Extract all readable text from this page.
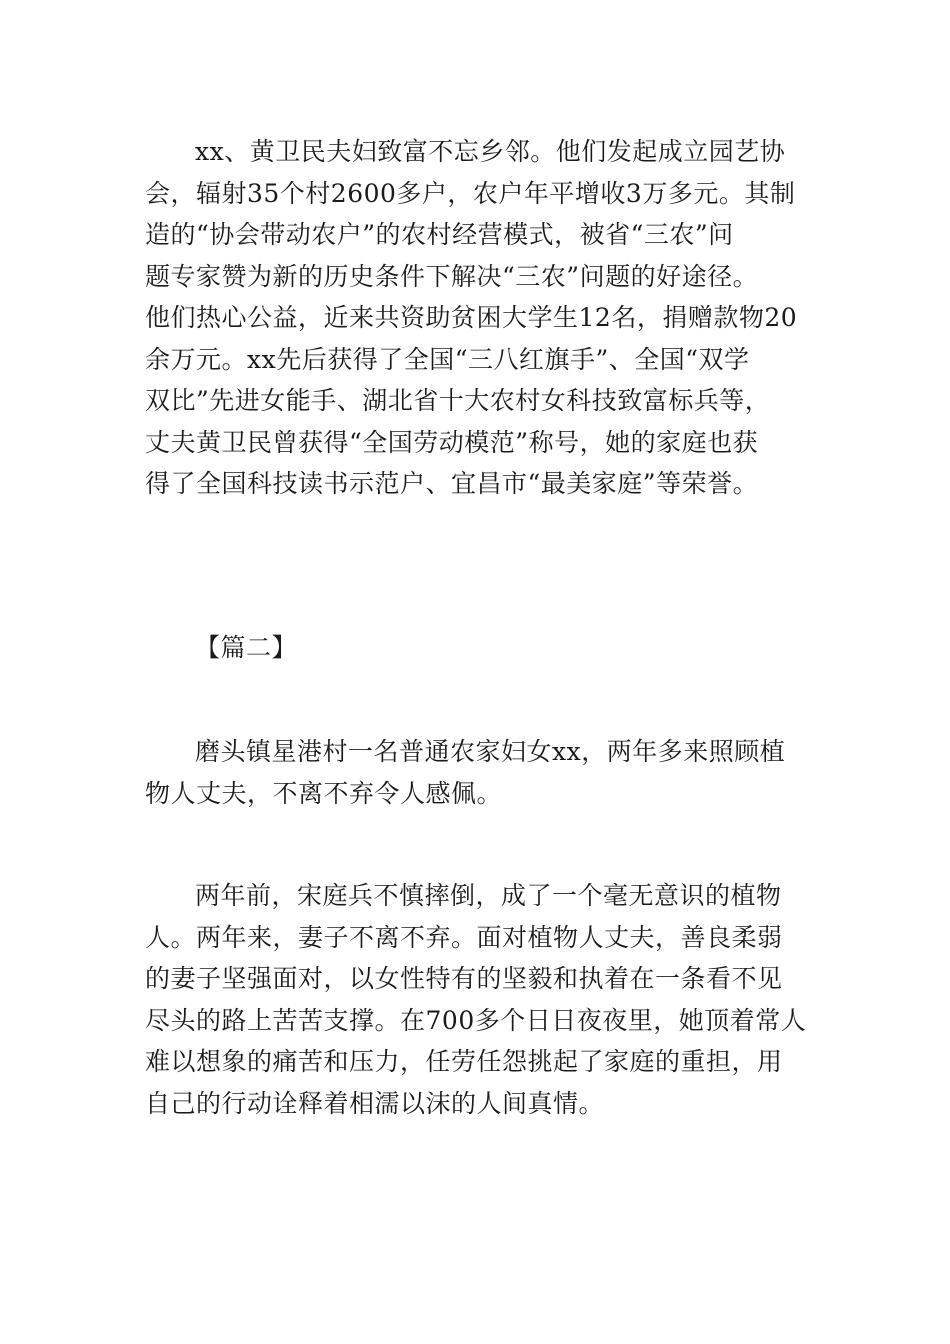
xx、黄卫民夫妇致富不忘乡邻。他们发起成立园艺协
会，辐射35个村2600多户，农户年平增收3万多元。其制
造的“协会带动农户”的农村经营模式，被省“三农”问
题专家赞为新的历史条件下解决“三农”问题的好途径。
他们热心公益，近来共资助贫困大学生12名，捐赠款物20
余万元。xx先后获得了全国“三八红旗手”、全国“双学
双比”先进女能手、湖北省十大农村女科技致富标兵等，
丈夫黄卫民曾获得“全国劳动模范”称号，她的家庭也获
得了全国科技读书示范户、宜昌市“最美家庭”等荣誉。
【篇二】
磨头镇星港村一名普通农家妇女xx，两年多来照顾植
物人丈夫，不离不弃令人感佩。
两年前，宋庭兵不慎摔倒，成了一个毫无意识的植物
人。两年来，妻子不离不弃。面对植物人丈夫，善良柔弱
的妻子坚强面对，以女性特有的坚毅和执着在一条看不见
尽头的路上苦苦支撑。在700多个日日夜夜里，她顶着常人
难以想象的痛苦和压力，任劳任怨挑起了家庭的重担，用
自己的行动诠释着相濡以沫的人间真情。
